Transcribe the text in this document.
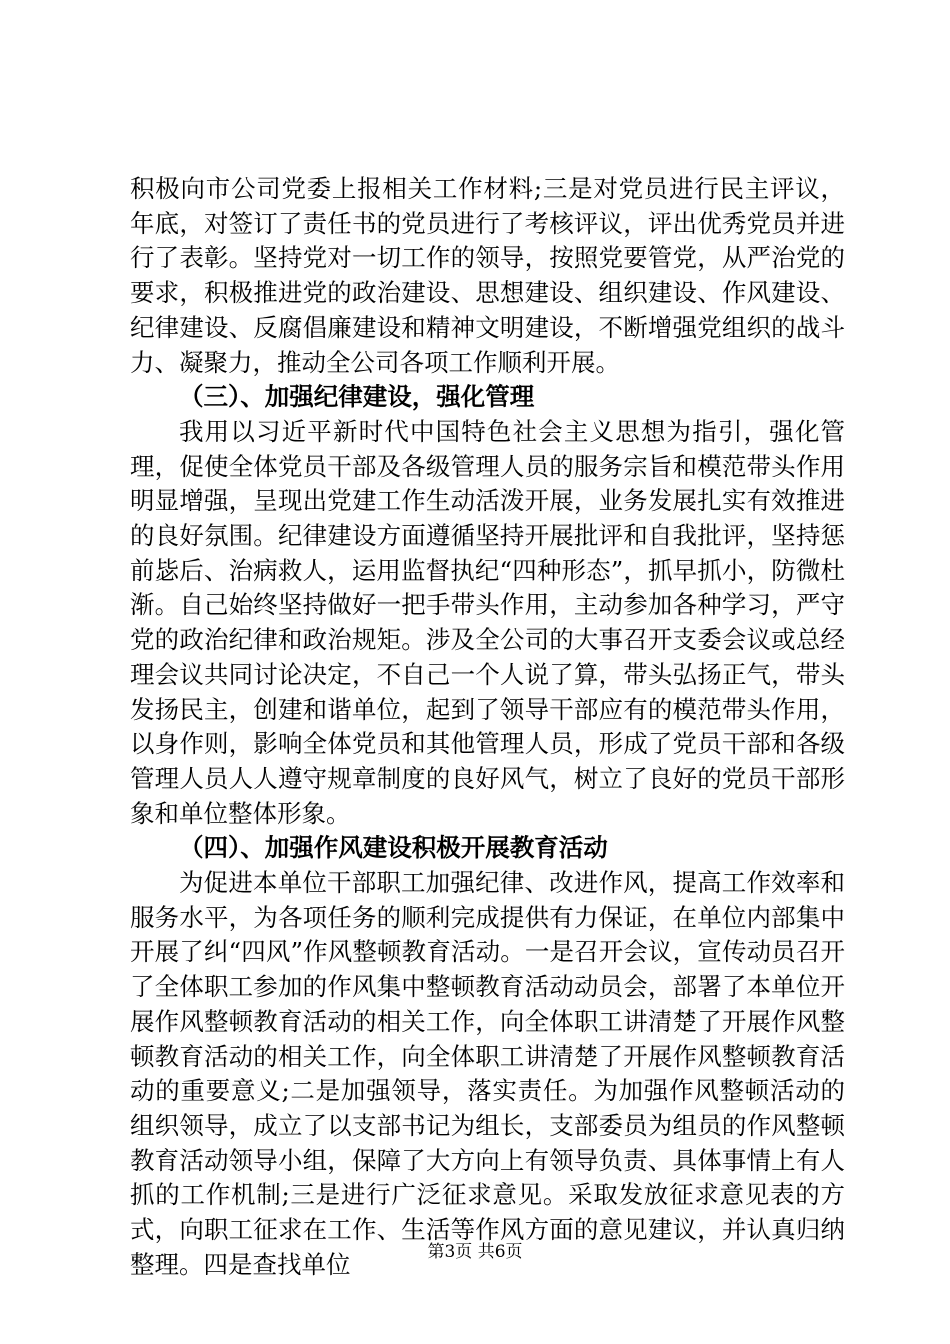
积极向市公司党委上报相关工作材料;三是对党员进行民主评议，年底，对签订了责任书的党员进行了考核评议，评出优秀党员并进行了表彰。坚持党对一切工作的领导，按照党要管党，从严治党的要求，积极推进党的政治建设、思想建设、组织建设、作风建设、纪律建设、反腐倡廉建设和精神文明建设，不断增强党组织的战斗力、凝聚力，推动全公司各项工作顺利开展。

（三）、加强纪律建设，强化管理

我用以习近平新时代中国特色社会主义思想为指引，强化管理，促使全体党员干部及各级管理人员的服务宗旨和模范带头作用明显增强，呈现出党建工作生动活泼开展，业务发展扎实有效推进的良好氛围。纪律建设方面遵循坚持开展批评和自我批评，坚持惩前毖后、治病救人，运用监督执纪“四种形态”，抓早抓小，防微杜渐。自己始终坚持做好一把手带头作用，主动参加各种学习，严守党的政治纪律和政治规矩。涉及全公司的大事召开支委会议或总经理会议共同讨论决定，不自己一个人说了算，带头弘扬正气，带头发扬民主，创建和谐单位，起到了领导干部应有的模范带头作用，以身作则，影响全体党员和其他管理人员，形成了党员干部和各级管理人员人人遵守规章制度的良好风气，树立了良好的党员干部形象和单位整体形象。

（四）、加强作风建设积极开展教育活动

为促进本单位干部职工加强纪律、改进作风，提高工作效率和服务水平，为各项任务的顺利完成提供有力保证，在单位内部集中开展了纠“四风”作风整顿教育活动。一是召开会议，宣传动员召开了全体职工参加的作风集中整顿教育活动动员会，部署了本单位开展作风整顿教育活动的相关工作，向全体职工讲清楚了开展作风整顿教育活动的相关工作，向全体职工讲清楚了开展作风整顿教育活动的重要意义;二是加强领导，落实责任。为加强作风整顿活动的组织领导，成立了以支部书记为组长，支部委员为组员的作风整顿教育活动领导小组，保障了大方向上有领导负责、具体事情上有人抓的工作机制;三是进行广泛征求意见。采取发放征求意见表的方式，向职工征求在工作、生活等作风方面的意见建议，并认真归纳整理。四是查找单位	第3页 共6页
